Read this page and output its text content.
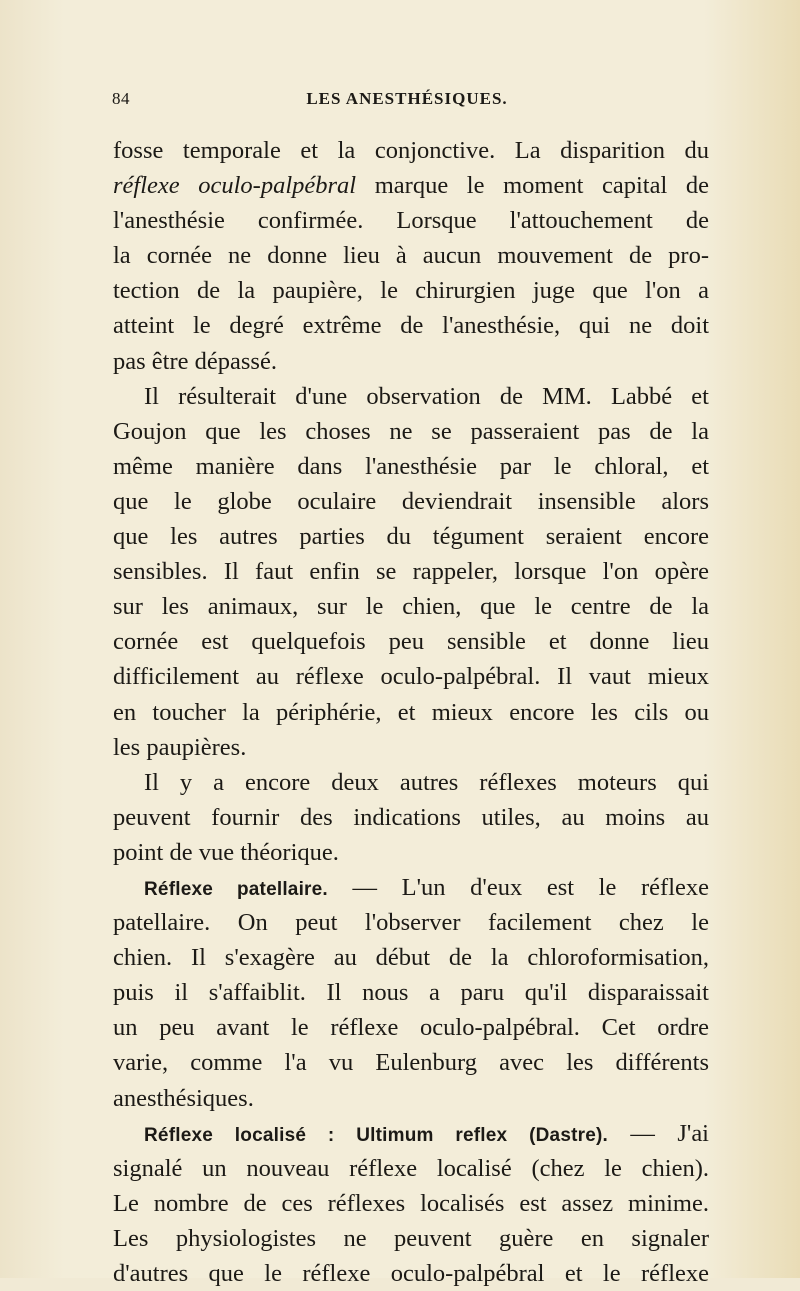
84	LES ANESTHÉSIQUES.
fosse temporale et la conjonctive. La disparition du
réflexe oculo-palpébral marque le moment capital de
l'anesthésie confirmée. Lorsque l'attouchement de
la cornée ne donne lieu à aucun mouvement de pro-
tection de la paupière, le chirurgien juge que l'on a
atteint le degré extrême de l'anesthésie, qui ne doit
pas être dépassé.
Il résulterait d'une observation de MM. Labbé et
Goujon que les choses ne se passeraient pas de la
même manière dans l'anesthésie par le chloral, et
que le globe oculaire deviendrait insensible alors
que les autres parties du tégument seraient encore
sensibles. Il faut enfin se rappeler, lorsque l'on opère
sur les animaux, sur le chien, que le centre de la
cornée est quelquefois peu sensible et donne lieu
difficilement au réflexe oculo-palpébral. Il vaut mieux
en toucher la périphérie, et mieux encore les cils ou
les paupières.
Il y a encore deux autres réflexes moteurs qui
peuvent fournir des indications utiles, au moins au
point de vue théorique.
Réflexe patellaire. — L'un d'eux est le réflexe
patellaire. On peut l'observer facilement chez le
chien. Il s'exagère au début de la chloroformisation,
puis il s'affaiblit. Il nous a paru qu'il disparaissait
un peu avant le réflexe oculo-palpébral. Cet ordre
varie, comme l'a vu Eulenburg avec les différents
anesthésiques.
Réflexe localisé : Ultimum reflex (Dastre). — J'ai
signalé un nouveau réflexe localisé (chez le chien).
Le nombre de ces réflexes localisés est assez minime.
Les physiologistes ne peuvent guère en signaler
d'autres que le réflexe oculo-palpébral et le réflexe
